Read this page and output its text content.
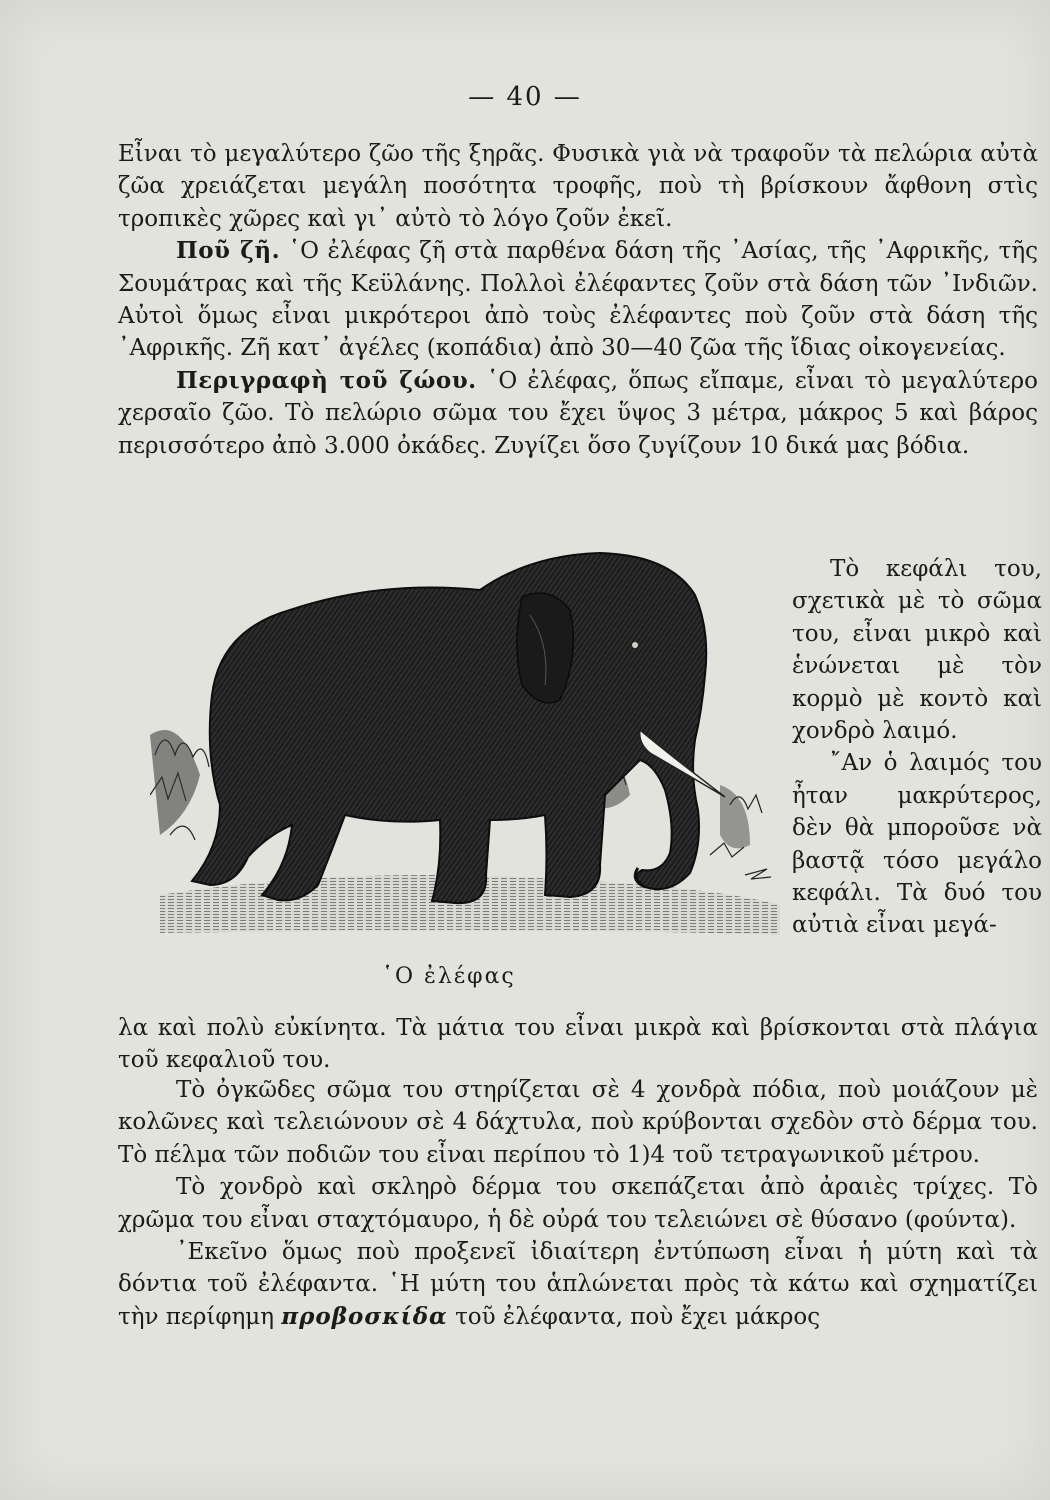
— 40 —

Εἶναι τὸ μεγαλύτερο ζῶο τῆς ξηρᾶς. Φυσικὰ γιὰ νὰ τραφοῦν τὰ πελώρια αὐτὰ ζῶα χρειάζεται μεγάλη ποσότητα τροφῆς, ποὺ τὴ βρίσκουν ἄφθονη στὶς τροπικὲς χῶρες καὶ γι᾿ αὐτὸ τὸ λόγο ζοῦν ἐκεῖ.

Ποῦ ζῆ. ῾Ο ἐλέφας ζῆ στὰ παρθένα δάση τῆς ᾿Ασίας, τῆς ᾿Αφρικῆς, τῆς Σουμάτρας καὶ τῆς Κεϋλάνης. Πολλοὶ ἐλέφαντες ζοῦν στὰ δάση τῶν ᾿Ινδιῶν. Αὐτοὶ ὅμως εἶναι μικρότεροι ἀπὸ τοὺς ἐλέφαντες ποὺ ζοῦν στὰ δάση τῆς ᾿Αφρικῆς. Ζῆ κατ᾿ ἀγέλες (κοπάδια) ἀπὸ 30—40 ζῶα τῆς ἴδιας οἰκογενείας.

Περιγραφὴ τοῦ ζώου. ῾Ο ἐλέφας, ὅπως εἴπαμε, εἶναι τὸ μεγαλύτερο χερσαῖο ζῶο. Τὸ πελώριο σῶμα του ἔχει ὕψος 3 μέτρα, μάκρος 5 καὶ βάρος περισσότερο ἀπὸ 3.000 ὀκάδες. Ζυγίζει ὅσο ζυγίζουν 10 δικά μας βόδια.

῾Ο ἐλέφας

Τὸ κεφάλι του, σχετικὰ μὲ τὸ σῶμα του, εἶναι μικρὸ καὶ ἑνώνεται μὲ τὸν κορμὸ μὲ κοντὸ καὶ χονδρὸ λαιμό.

῎Αν ὁ λαιμός του ἦταν μακρύτερος, δὲν θὰ μποροῦσε νὰ βαστᾷ τόσο μεγάλο κεφάλι. Τὰ δυό του αὐτιὰ εἶναι μεγά-

λα καὶ πολὺ εὐκίνητα. Τὰ μάτια του εἶναι μικρὰ καὶ βρίσκονται στὰ πλάγια τοῦ κεφαλιοῦ του.

Τὸ ὀγκῶδες σῶμα του στηρίζεται σὲ 4 χονδρὰ πόδια, ποὺ μοιάζουν μὲ κολῶνες καὶ τελειώνουν σὲ 4 δάχτυλα, ποὺ κρύβονται σχεδὸν στὸ δέρμα του. Τὸ πέλμα τῶν ποδιῶν του εἶναι περίπου τὸ 1)4 τοῦ τετραγωνικοῦ μέτρου.

Τὸ χονδρὸ καὶ σκληρὸ δέρμα του σκεπάζεται ἀπὸ ἀραιὲς τρίχες. Τὸ χρῶμα του εἶναι σταχτόμαυρο, ἡ δὲ οὐρά του τελειώνει σὲ θύσανο (φούντα).

᾿Εκεῖνο ὅμως ποὺ προξενεῖ ἰδιαίτερη ἐντύπωση εἶναι ἡ μύτη καὶ τὰ δόντια τοῦ ἐλέφαντα. ῾Η μύτη του ἁπλώνεται πρὸς τὰ κάτω καὶ σχηματίζει τὴν περίφημη προβοσκίδα τοῦ ἐλέφαντα, ποὺ ἔχει μάκρος
